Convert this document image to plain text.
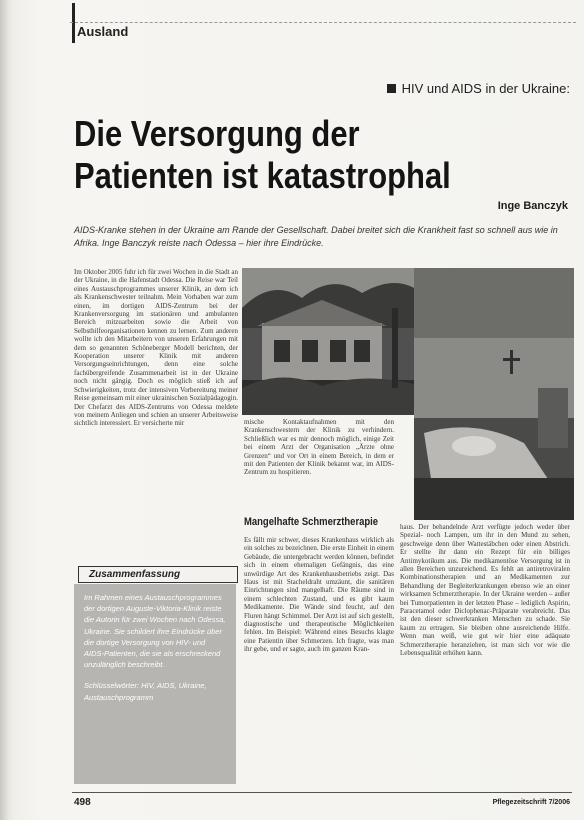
Ausland
HIV und AIDS in der Ukraine:
Die Versorgung der Patienten ist katastrophal
Inge Banczyk
AIDS-Kranke stehen in der Ukraine am Rande der Gesellschaft. Dabei breitet sich die Krankheit fast so schnell aus wie in Afrika. Inge Banczyk reiste nach Odessa – hier ihre Eindrücke.
Im Oktober 2005 fuhr ich für zwei Wochen in die Stadt an der Ukraine, in die Hafenstadt Odessa. Die Reise war Teil eines Austauschprogrammes unserer Klinik, an dem ich als Krankenschwester teilnahm. Mein Vorhaben war zum einen, im dortigen AIDS-Zentrum bei der Krankenversorgung im stationären und ambulanten Bereich mitzuarbeiten sowie die Arbeit von Selbsthilfeorganisationen kennen zu lernen. Zum anderen wollte ich den Mitarbeitern von unseren Erfahrungen mit dem so genannten Schöneberger Modell berichten, der Kooperation unserer Klinik mit anderen Versorgungseinrichtungen, denn eine solche fachübergreifende Zusammenarbeit ist in der Ukraine noch nicht gängig. Doch es möglich stieß ich auf Schwierigkeiten, trotz der intensiven Vorbereitung meiner Reise gemeinsam mit einer ukrainischen Sozialpädagogin. Der Chefarzt des AIDS-Zentrums von Odessa meldete von meinem Anliegen und schien an unserer Arbeitsweise sichtlich interessiert. Er versicherte mir	mische Kontaktaufnahmen mit den Krankenschwestern der Klinik zu verhindern. Schließlich war es mir dennoch möglich, einige Zeit bei einem Arzt der Organisation „Ärzte ohne Grenzen“ und vor Ort in einem Bereich, in dem er mit den Patienten der Klinik bekannt war, im AIDS-Zentrum zu hospitieren.
Mangelhafte Schmerztherapie
Es fällt mir schwer, dieses Krankenhaus wirklich als ein solches zu bezeichnen. Die erste Einheit in einem Gebäude, die untergebracht werden können, befindet sich in einem ehemaligen Gefängnis, das eine unwürdige Art des Krankenhausbetriebs zeigt. Das Haus ist mit Stacheldraht umzäunt, die sanitären Einrichtungen sind mangelhaft. Die Räume sind in einem schlechten Zustand, und es gibt kaum Medikamente. Die Wände sind feucht, auf den Fluren hängt Schimmel. Der Arzt ist auf sich gestellt, diagnostische und therapeutische Möglichkeiten fehlen. Im Beispiel: Während eines Besuchs klagte eine Patientin über Schmerzen. Ich fragte, was man ihr gebe, und er sagte, auch im ganzen Kran-
haus. Der behandelnde Arzt verfügte jedoch weder über Spezial- noch Lampen, um ihr in den Mund zu sehen, geschweige denn über Wattestäbchen oder einen Abstrich. Er stellte ihr dann ein Rezept für ein billiges Antimykotikum aus. Die medikamentöse Versorgung ist in allen Bereichen unzureichend. Es fehlt an antiretroviralen Kombinationstherapien und an Medikamenten zur Behandlung der Begleiterkrankungen ebenso wie an einer wirksamen Schmerztherapie. In der Ukraine werden – außer bei Tumorpatienten in der letzten Phase – lediglich Aspirin, Paracetamol oder Diclophenac-Präparate verabreicht. Das ist den dieser schwerkranken Menschen zu schade. Sie kaum zu ertragen. Sie bleiben ohne ausreichende Hilfe. Wenn man weiß, wie gut wir hier eine adäquate Schmerztherapie heranziehen, ist man sich vor wie die Lebensqualität erhöhen kann.
Im Rahmen eines Austauschprogrammes der dortigen Auguste-Viktoria-Klinik reiste die Autorin für zwei Wochen nach Odessa, Ukraine. Sie schildert ihre Eindrücke über die dortige Versorgung von HIV- und AIDS-Patienten, die sie als erschreckend unzulänglich beschreibt.
Schlüsselwörter: HIV, AIDS, Ukraine, Austauschprogramm
Zusammenfassung
498	Pflegezeitschrift 7/2006
